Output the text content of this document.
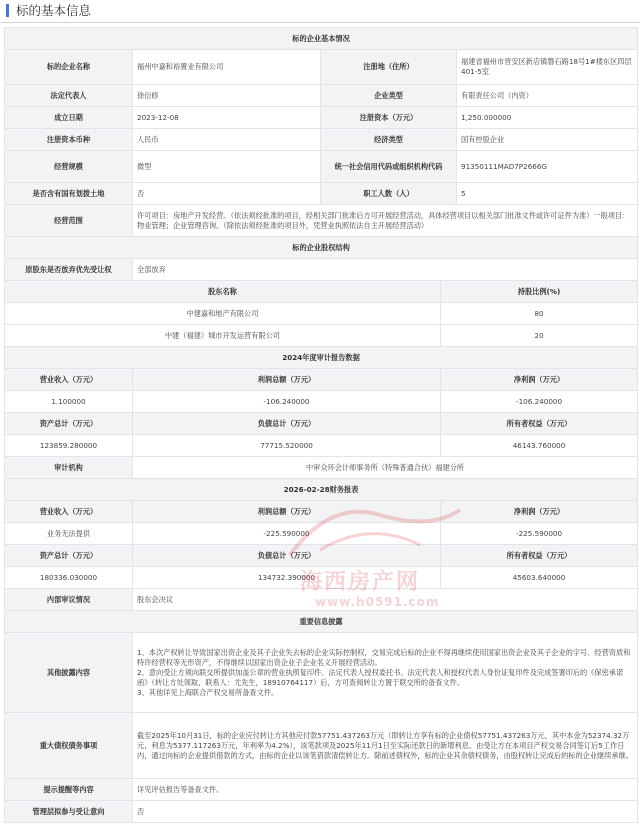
标的基本信息
标的企业基本情况				
标的企业名称	福州中嘉和裕置业有限公司	注册地（住所）		福建省福州市晋安区新店镇磐石路18号1#楼东区四层401-5室
法定代表人	徐衍修	企业类型		有限责任公司（内资）
成立日期	2023-12-08	注册资本（万元）		1,250.000000
注册资本币种	人民币	经济类型		国有控股企业
经营规模	微型	统一社会信用代码或组织机构代码		91350111MAD7P2666G
是否含有国有划拨土地	否	职工人数（人）		5
经营范围	许可项目：房地产开发经营。（依法须经批准的项目，经相关部门批准后方可开展经营活动，具体经营项目以相关部门批准文件或许可证件为准）一般项目：物业管理；企业管理咨询。（除依法须经批准的项目外，凭营业执照依法自主开展经营活动）			
标的企业股权结构				
原股东是否放弃优先受让权	全部放弃			
股东名称			持股比例(%)	
中建嘉和地产有限公司			80	
中建（福建）城市开发运营有限公司			20	
2024年度审计报告数据				
营业收入（万元）	利润总额（万元）		净利润（万元）	
1.100000	-106.240000		-106.240000	
资产总计（万元）	负债总计（万元）		所有者权益（万元）	
123859.280000	77715.520000		46143.760000	
审计机构	中审众环会计师事务所（特殊普通合伙）福建分所			
2026-02-28财务报表				
营业收入（万元）	利润总额（万元）		净利润（万元）	
业务无法提供	-225.590000		-225.590000	
资产总计（万元）	负债总计（万元）		所有者权益（万元）	
180336.030000	134732.390000		45603.640000	
内部审议情况	股东会决议			
重要信息披露				
其他披露内容	1、本次产权转让导致国家出资企业及其子企业失去标的企业实际控制权，交易完成后标的企业不得再继续使用国家出资企业及其子企业的字号、经营资质和特许经营权等无形资产，不得继续以国家出资企业子企业名义开展经营活动。
2、意向受让方须向联交所提供加盖公章的营业执照复印件、法定代表人授权委托书、法定代表人和授权代表人身份证复印件及完成签署印后的《保密承诺函》（转让方处领取，联系人：尤先生，18910764117）后，方可查阅转让方置于联交所的备查文件。
3、其他详见上海联合产权交易所备查文件。			

重大债权债务事项	截至2025年10月31日，标的企业应付转让方其他应付款57751.437263万元（即转让方享有标的企业债权57751.437263万元，其中本金为52374.32万元，利息为5377.117263万元，年利率为4.2%），该笔款项及2025年11月1日至实际还款日的新增利息，由受让方在本项目产权交易合同签订后5工作日内，通过向标的企业提供借款的方式，由标的企业以该笔借款清偿转让方。除前述债权外，标的企业其余债权债务，由股权转让完成后的标的企业继续承继。			
提示提醒等内容	详见评估报告等备查文件。			
管理层拟参与受让意向	否			
海西房产网
www.h0591.com
